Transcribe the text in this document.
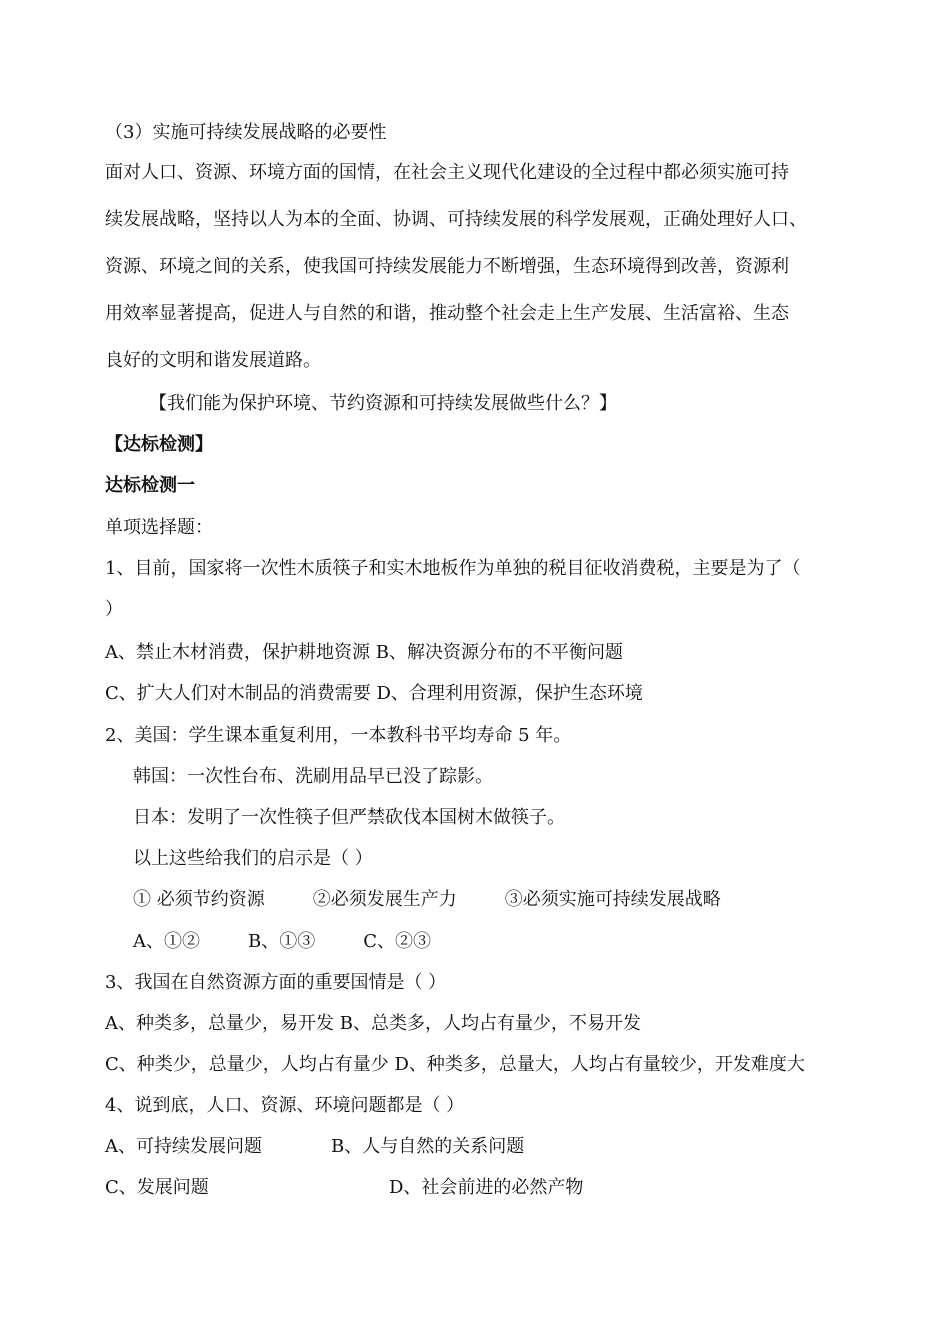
（3）实施可持续发展战略的必要性
面对人口、资源、环境方面的国情，在社会主义现代化建设的全过程中都必须实施可持
续发展战略，坚持以人为本的全面、协调、可持续发展的科学发展观，正确处理好人口、
资源、环境之间的关系，使我国可持续发展能力不断增强，生态环境得到改善，资源利
用效率显著提高，促进人与自然的和谐，推动整个社会走上生产发展、生活富裕、生态
良好的文明和谐发展道路。
【我们能为保护环境、节约资源和可持续发展做些什么？】
【达标检测】
达标检测一
单项选择题：
1、目前，国家将一次性木质筷子和实木地板作为单独的税目征收消费税，主要是为了（
）
A、禁止木材消费，保护耕地资源 B、解决资源分布的不平衡问题
C、扩大人们对木制品的消费需要 D、合理利用资源，保护生态环境
2、美国：学生课本重复利用，一本教科书平均寿命 5 年。
韩国：一次性台布、洗刷用品早已没了踪影。
日本：发明了一次性筷子但严禁砍伐本国树木做筷子。
以上这些给我们的启示是（ ）
① 必须节约资源	②必须发展生产力	③必须实施可持续发展战略
A、①②	B、①③	C、②③
3、我国在自然资源方面的重要国情是（ ）
A、种类多，总量少，易开发 B、总类多，人均占有量少，不易开发
C、种类少，总量少，人均占有量少 D、种类多，总量大，人均占有量较少，开发难度大
4、说到底，人口、资源、环境问题都是（ ）
A、可持续发展问题	B、人与自然的关系问题
C、发展问题	D、社会前进的必然产物
